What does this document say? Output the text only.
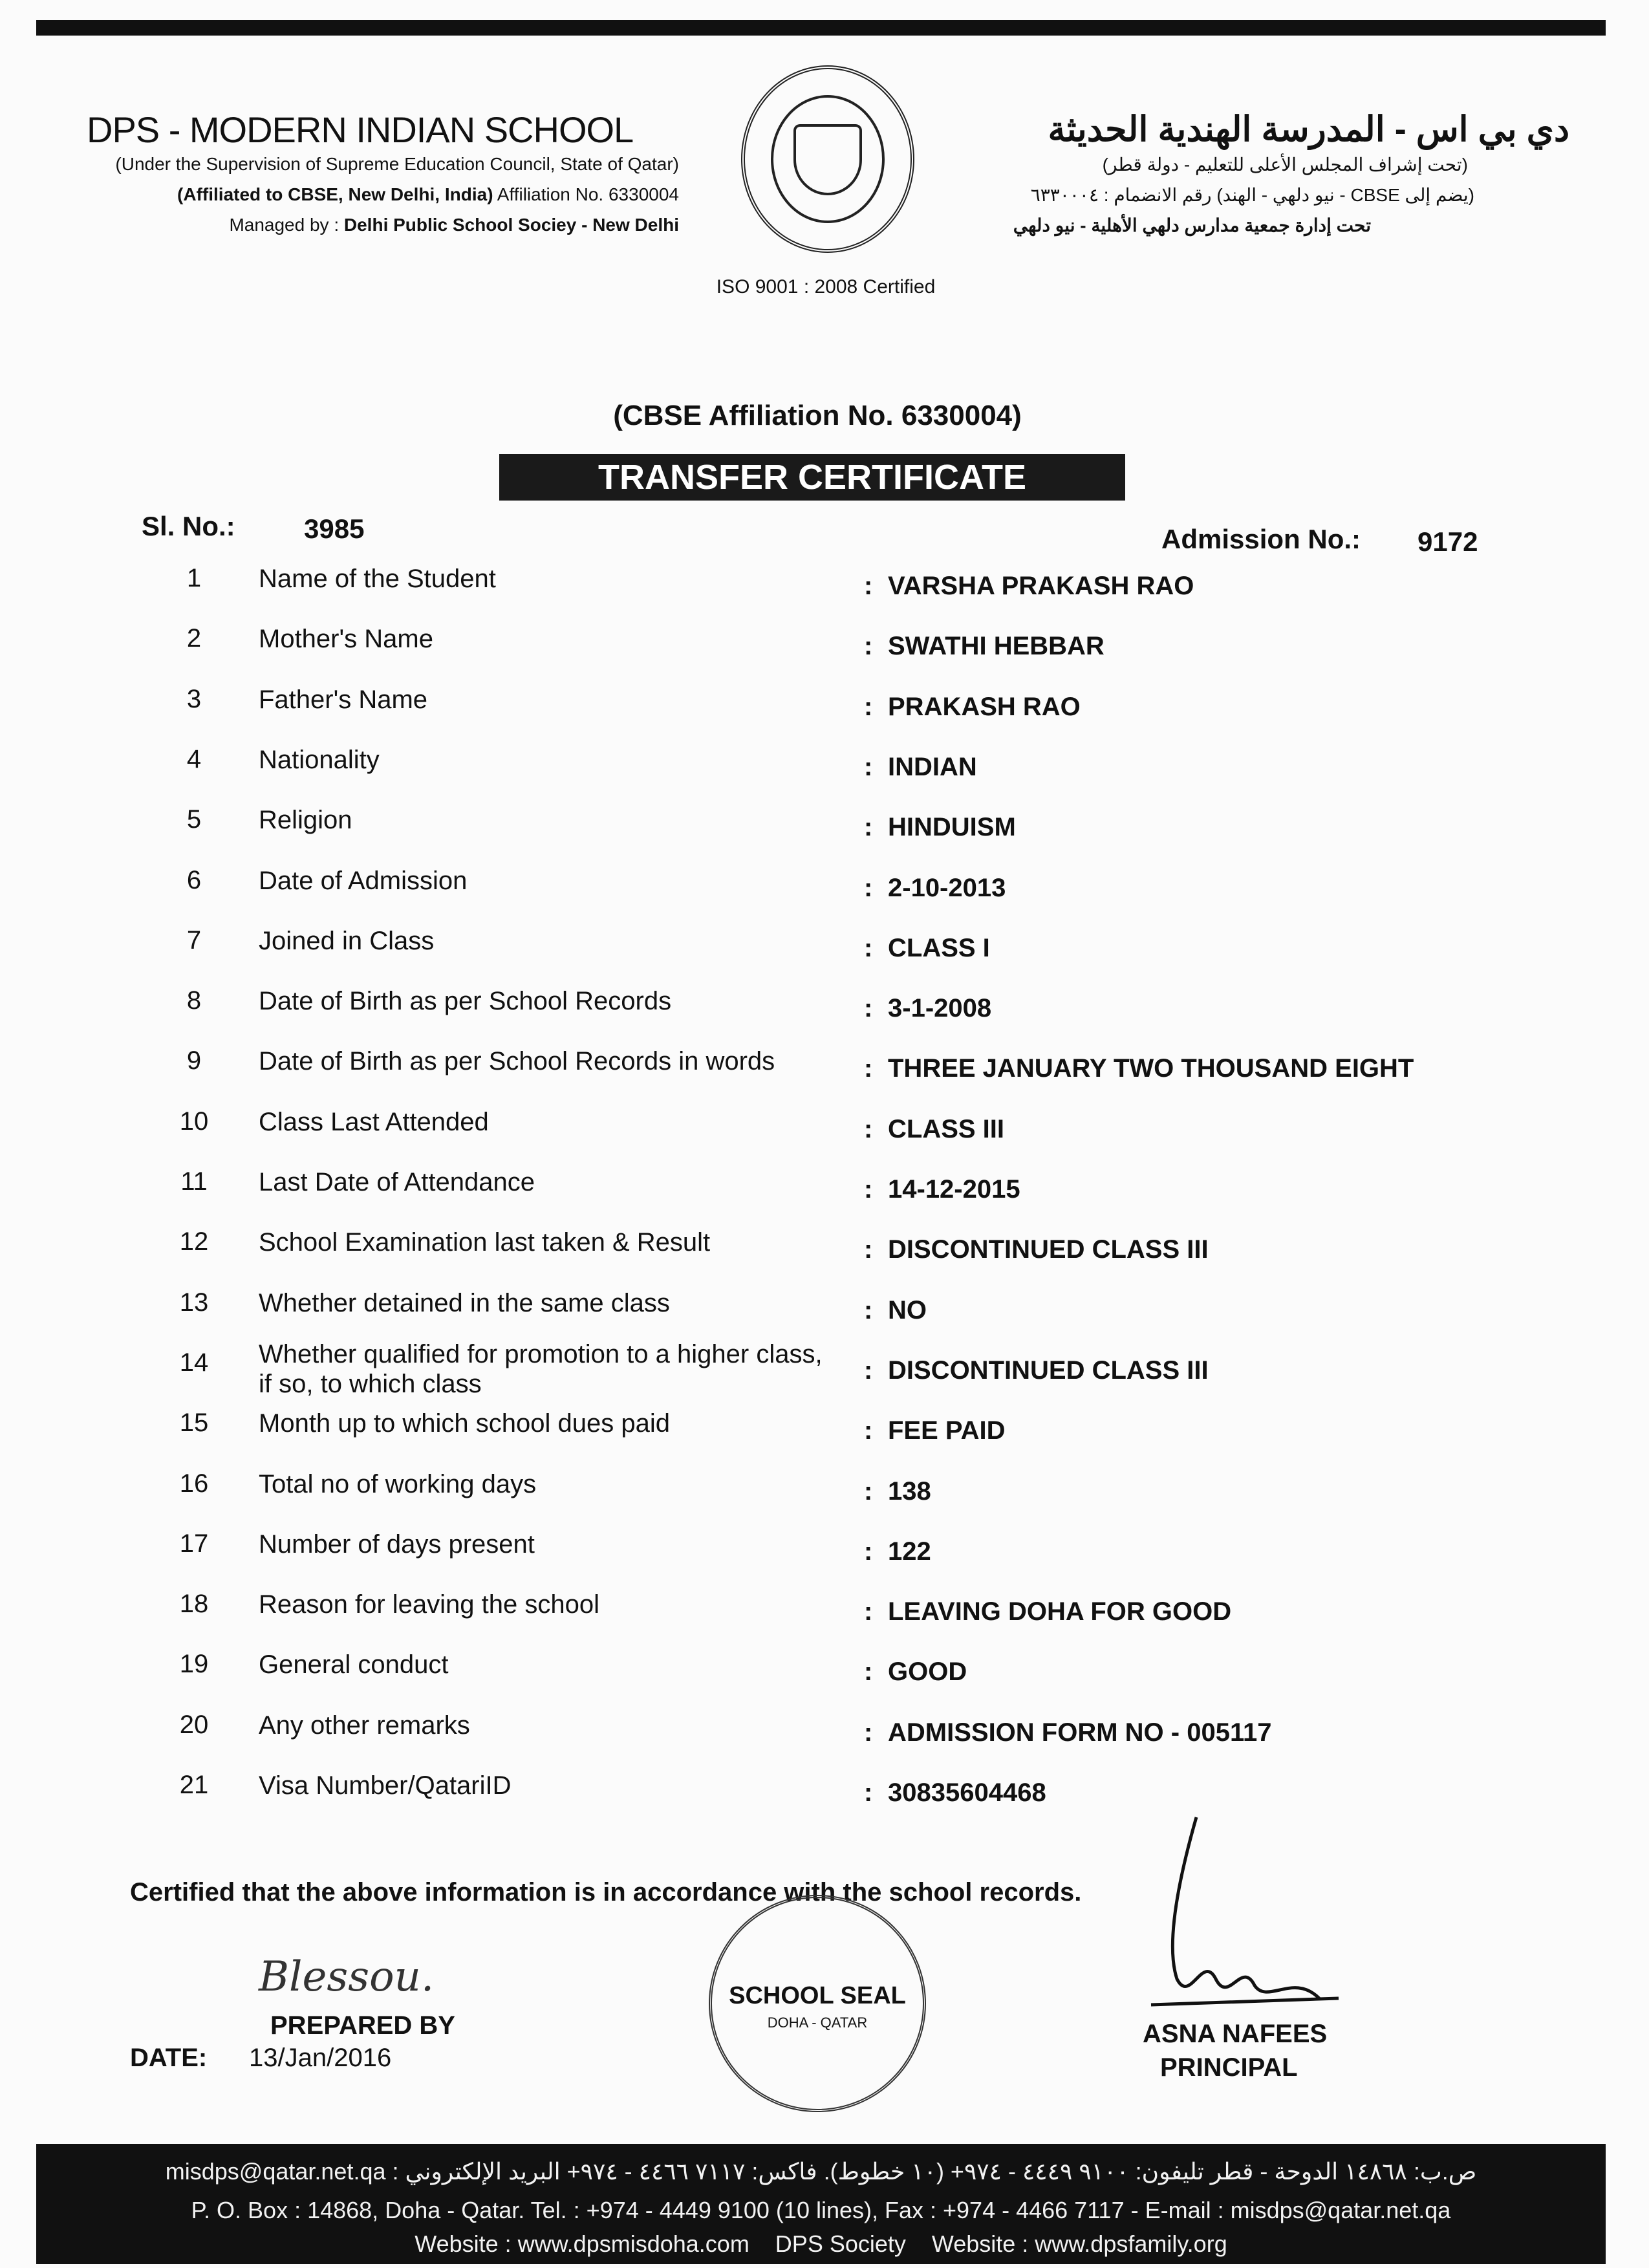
DPS - MODERN INDIAN SCHOOL
(Under the Supervision of Supreme Education Council, State of Qatar)
(Affiliated to CBSE, New Delhi, India) Affiliation No. 6330004
Managed by : Delhi Public School Sociey - New Delhi
دي بي اس - المدرسة الهندية الحديثة
(تحت إشراف المجلس الأعلى للتعليم - دولة قطر)
(يضم إلى CBSE - نيو دلهي - الهند) رقم الانضمام : ٦٣٣٠٠٠٤
تحت إدارة جمعية مدارس دلهي الأهلية - نيو دلهي
ISO 9001 : 2008 Certified
(CBSE Affiliation No. 6330004)
TRANSFER CERTIFICATE
Sl. No.:	3985	Admission No.: 9172
1	Name of the Student	: VARSHA PRAKASH RAO
2	Mother's Name	: SWATHI HEBBAR
3	Father's Name	: PRAKASH RAO
4	Nationality	: INDIAN
5	Religion	: HINDUISM
6	Date of Admission	: 2-10-2013
7	Joined in Class	: CLASS I
8	Date of Birth as per School Records	: 3-1-2008
9	Date of Birth as per School Records in words	: THREE JANUARY TWO THOUSAND EIGHT
10	Class Last Attended	: CLASS III
11	Last Date of Attendance	: 14-12-2015
12	School Examination last taken & Result	: DISCONTINUED CLASS III
13	Whether detained in the same class	: NO
14	Whether qualified for promotion to a higher class,
if so, to which class	: DISCONTINUED CLASS III
15	Month up to which school dues paid	: FEE PAID
16	Total no of working days	: 138
17	Number of days present	: 122
18	Reason for leaving the school	: LEAVING DOHA FOR GOOD
19	General conduct	: GOOD
20	Any other remarks	: ADMISSION FORM NO - 005117
21	Visa Number/QatariID	: 30835604468
Certified that the above information is in accordance with the school records.
Blessou.
PREPARED BY
DATE: 13/Jan/2016
SCHOOL SEAL
DOHA - QATAR	ASNA NAFEES
PRINCIPAL
ص.ب: ١٤٨٦٨ الدوحة - قطر تليفون: ٩١٠٠ ٤٤٤٩ - ٩٧٤+ (١٠ خطوط). فاكس: ٧١١٧ ٤٤٦٦ - ٩٧٤+ البريد الإلكتروني : misdps@qatar.net.qa
P. O. Box : 14868, Doha - Qatar. Tel. : +974 - 4449 9100 (10 lines), Fax : +974 - 4466 7117 - E-mail : misdps@qatar.net.qa
Website : www.dpsmisdoha.com    DPS Society    Website : www.dpsfamily.org
